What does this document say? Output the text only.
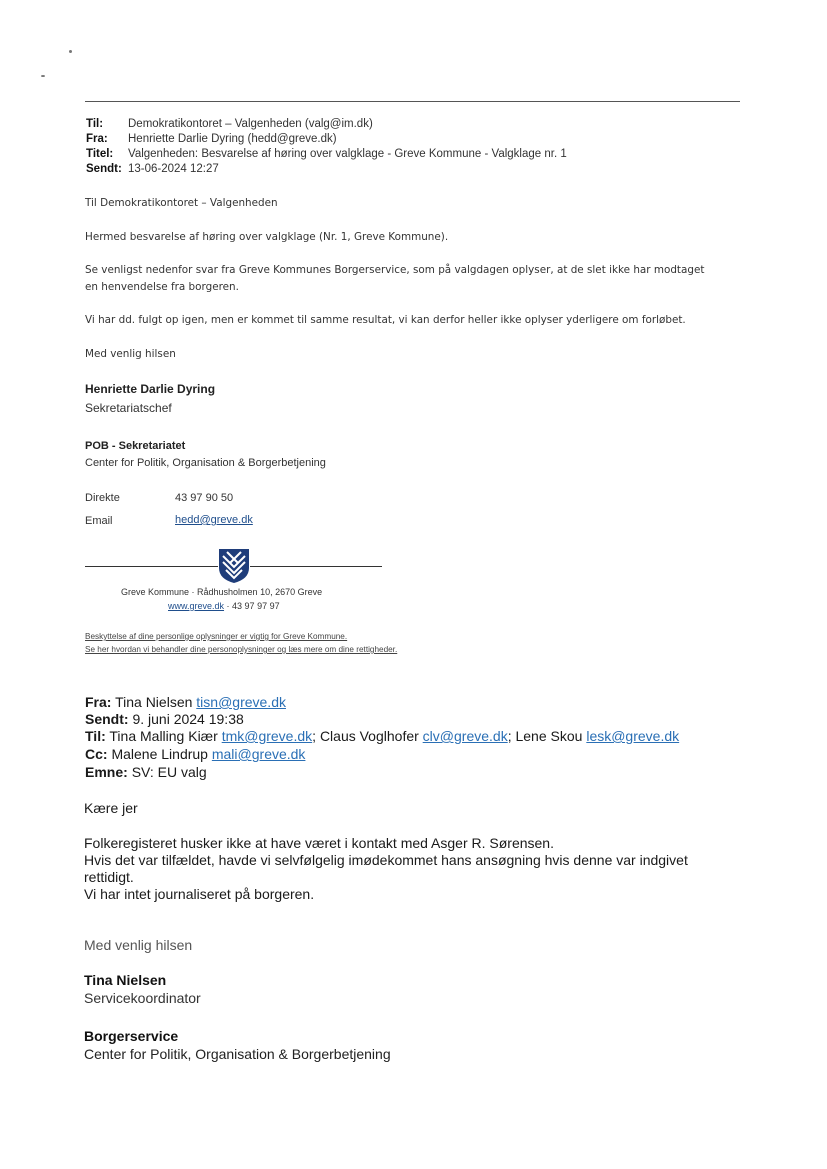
Til: Demokratikontoret – Valgenheden (valg@im.dk)
Fra: Henriette Darlie Dyring (hedd@greve.dk)
Titel: Valgenheden: Besvarelse af høring over valgklage - Greve Kommune - Valgklage nr. 1
Sendt: 13-06-2024 12:27
Til Demokratikontoret – Valgenheden
Hermed besvarelse af høring over valgklage (Nr. 1, Greve Kommune).
Se venligst nedenfor svar fra Greve Kommunes Borgerservice, som på valgdagen oplyser, at de slet ikke har modtaget
en henvendelse fra borgeren.
Vi har dd. fulgt op igen, men er kommet til samme resultat, vi kan derfor heller ikke oplyser yderligere om forløbet.
Med venlig hilsen
Henriette Darlie Dyring
Sekretariatschef
POB - Sekretariatet
Center for Politik, Organisation & Borgerbetjening
Direkte	43 97 90 50
Email	hedd@greve.dk
Greve Kommune · Rådhusholmen 10, 2670 Greve
www.greve.dk · 43 97 97 97
Beskyttelse af dine personlige oplysninger er vigtig for Greve Kommune.
Se her hvordan vi behandler dine personoplysninger og læs mere om dine rettigheder.
Fra: Tina Nielsen tisn@greve.dk
Sendt: 9. juni 2024 19:38
Til: Tina Malling Kiær tmk@greve.dk; Claus Voglhofer clv@greve.dk; Lene Skou lesk@greve.dk
Cc: Malene Lindrup mali@greve.dk
Emne: SV: EU valg
Kære jer
Folkeregisteret husker ikke at have været i kontakt med Asger R. Sørensen.
Hvis det var tilfældet, havde vi selvfølgelig imødekommet hans ansøgning hvis denne var indgivet
rettidigt.
Vi har intet journaliseret på borgeren.
Med venlig hilsen
Tina Nielsen
Servicekoordinator
Borgerservice
Center for Politik, Organisation & Borgerbetjening
